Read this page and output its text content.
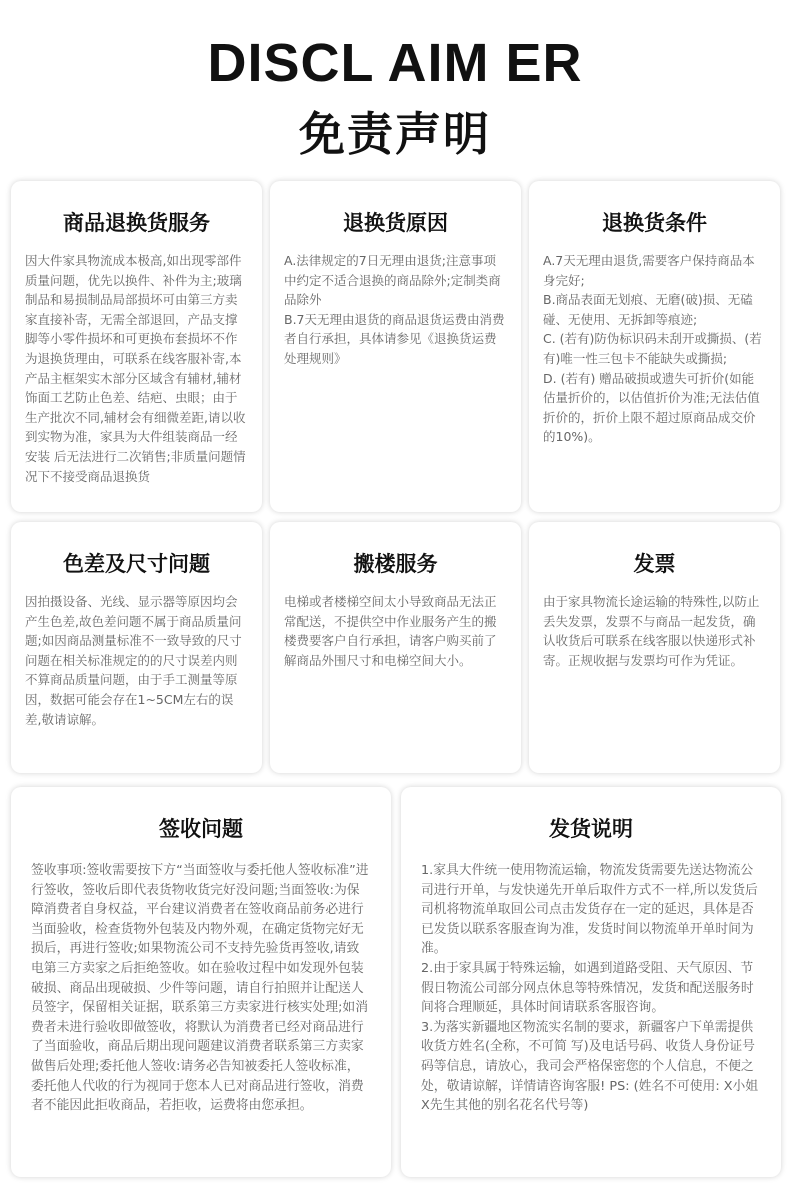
DISCL AIM ER
免责声明
商品退换货服务

因大件家具物流成本极高,如出现零部件质量问题，优先以换件、补件为主;玻璃制品和易损制品局部损坏可由第三方卖家直接补寄，无需全部退回，产品支撑脚等小零件损坏和可更换布套损坏不作为退换货理由，可联系在线客服补寄,本产品主框架实木部分区域含有辅材,辅材饰面工艺防止色差、结疤、虫眼；由于生产批次不同,辅材会有细微差距,请以收到实物为准，家具为大件组装商品一经安装 后无法进行二次销售;非质量问题情况下不接受商品退换货

退换货原因

A.法律规定的7日无理由退货;注意事项中约定不适合退换的商品除外;定制类商品除外
B.7天无理由退货的商品退货运费由消费者自行承担，具体请参见《退换货运费处理规则》

退换货条件

A.7天无理由退货,需要客户保持商品本身完好;
B.商品表面无划痕、无磨(破)损、无磕碰、无使用、无拆卸等痕迹;
C. (若有)防伪标识码未刮开或撕损、(若有)唯一性三包卡不能缺失或撕损;
D. (若有) 赠品破损或遗失可折价(如能估量折价的，以估值折价为准;无法估值折价的，折价上限不超过原商品成交价的10%)。

色差及尺寸问题

因拍摄设备、光线、显示器等原因均会产生色差,故色差问题不属于商品质量问题;如因商品测量标准不一致导致的尺寸问题在相关标准规定的的尺寸误差内则不算商品质量问题，由于手工测量等原因，数据可能会存在1~5CM左右的误差,敬请谅解。

搬楼服务

电梯或者楼梯空间太小导致商品无法正常配送，不提供空中作业服务产生的搬楼费要客户自行承担，请客户购买前了解商品外围尺寸和电梯空间大小。

发票

由于家具物流长途运输的特殊性,以防止丢失发票，发票不与商品一起发货，确认收货后可联系在线客服以快递形式补寄。正规收据与发票均可作为凭证。

签收问题

签收事项:签收需要按下方“当面签收与委托他人签收标准”进行签收，签收后即代表货物收货完好没问题;当面签收:为保障消费者自身权益，平台建议消费者在签收商品前务必进行当面验收，检查货物外包装及内物外观，在确定货物完好无损后，再进行签收;如果物流公司不支持先验货再签收,请致电第三方卖家之后拒绝签收。如在验收过程中如发现外包装破损、商品出现破损、少件等问题，请自行拍照并让配送人员签字，保留相关证据，联系第三方卖家进行核实处理;如消费者未进行验收即做签收，将默认为消费者已经对商品进行了当面验收，商品后期出现问题建议消费者联系第三方卖家做售后处理;委托他人签收:请务必告知被委托人签收标准，委托他人代收的行为视同于您本人已对商品进行签收，消费者不能因此拒收商品，若拒收，运费将由您承担。

发货说明

1.家具大件统一使用物流运输，物流发货需要先送达物流公司进行开单，与发快递先开单后取件方式不一样,所以发货后司机将物流单取回公司点击发货存在一定的延迟，具体是否已发货以联系客服查询为准，发货时间以物流单开单时间为准。
2.由于家具属于特殊运输，如遇到道路受阻、天气原因、节假日物流公司部分网点休息等特殊情况，发货和配送服务时间将合理顺延，具体时间请联系客服咨询。
3.为落实新疆地区物流实名制的要求，新疆客户下单需提供收货方姓名(全称，不可简 写)及电话号码、收货人身份证号码等信息，请放心，我司会严格保密您的个人信息，不便之处，敬请谅解，详情请咨询客服! PS: (姓名不可使用: X小姐X先生其他的别名花名代号等)
